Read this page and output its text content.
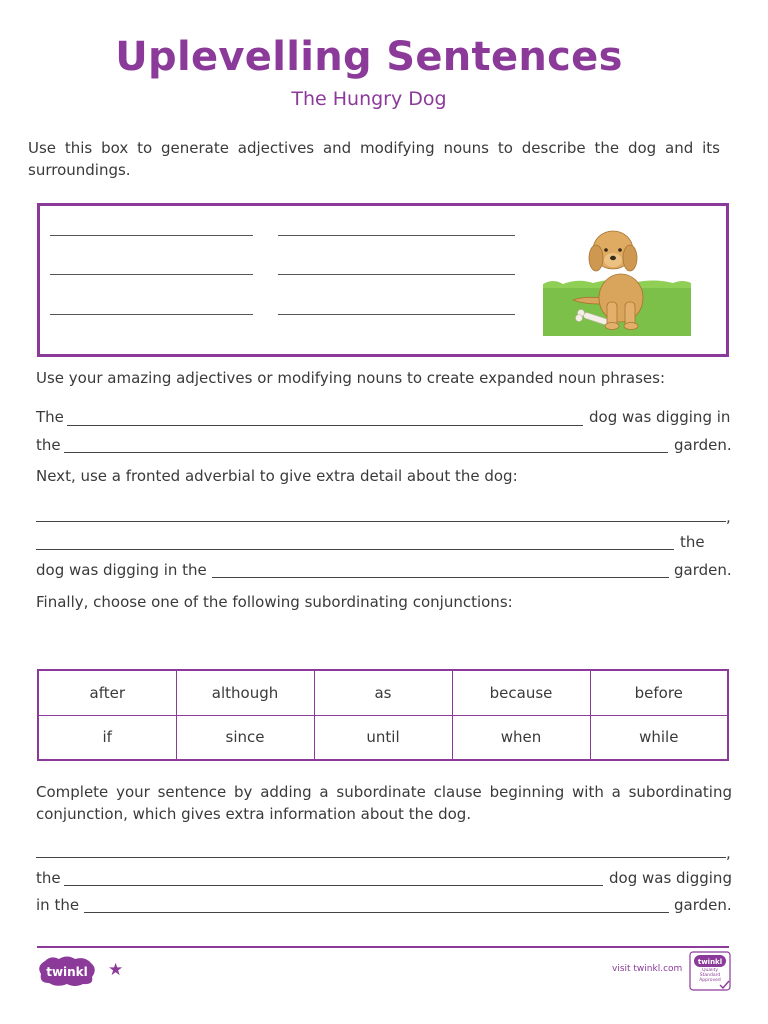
Uplevelling Sentences
The Hungry Dog
Use this box to generate adjectives and modifying nouns to describe the dog and its surroundings.
Use your amazing adjectives or modifying nouns to create expanded noun phrases:
The	dog was digging in
the	garden.
Next, use a fronted adverbial to give extra detail about the dog:
,
the
dog was digging in the	garden.
Finally, choose one of the following subordinating conjunctions:
after	although	as	because	before
if	since	until	when	while
Complete your sentence by adding a subordinate clause beginning with a subordinating conjunction, which gives extra information about the dog.
,
the	dog was digging
in the	garden.
twinkl ★	visit twinkl.com
twinkl
Quality Standard Approved
